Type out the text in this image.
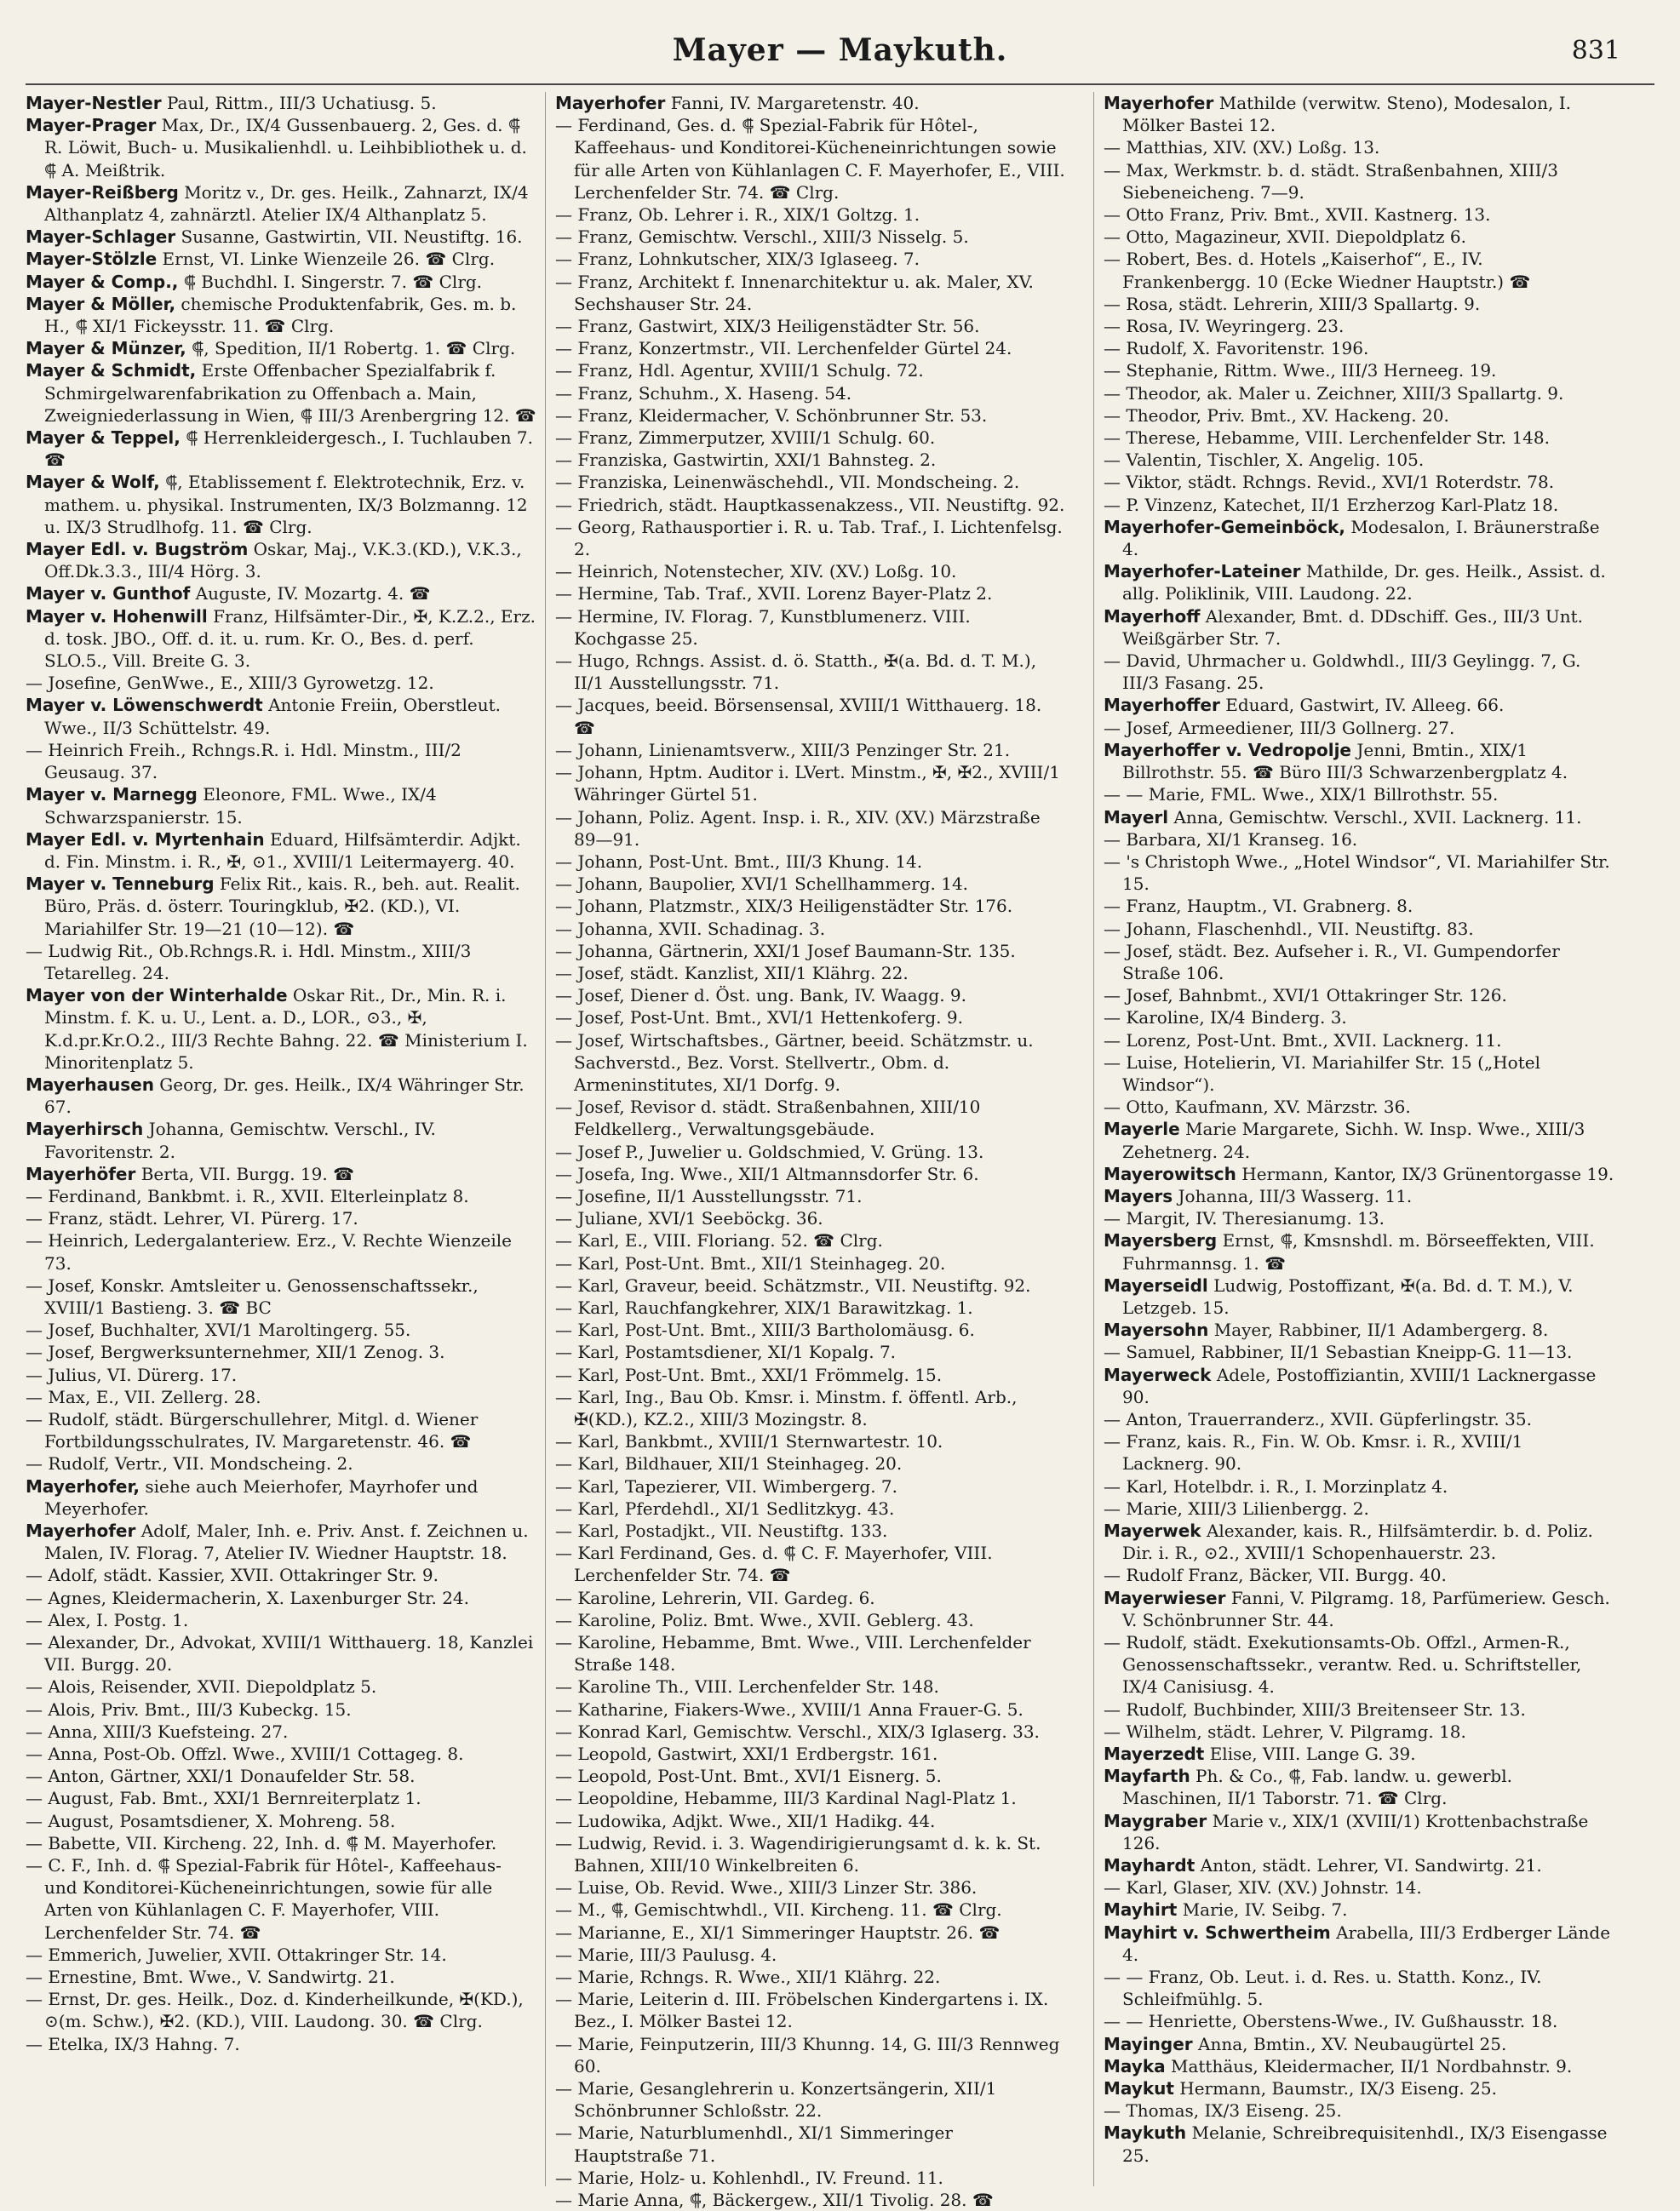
Mayer — Maykuth.	831

Mayer-Nestler Paul, Rittm., III/3 Uchatiusg. 5.

Mayer-Prager Max, Dr., IX/4 Gussenbauerg. 2, Ges. d. ⸿ R. Löwit, Buch- u. Musikalienhdl. u. Leihbibliothek u. d. ⸿ A. Meißtrik.

Mayer-Reißberg Moritz v., Dr. ges. Heilk., Zahnarzt, IX/4 Althanplatz 4, zahnärztl. Atelier IX/4 Althanplatz 5.

Mayer-Schlager Susanne, Gastwirtin, VII. Neustiftg. 16.

Mayer-Stölzle Ernst, VI. Linke Wienzeile 26. ☎ Clrg.

Mayer & Comp., ⸿ Buchdhl. I. Singerstr. 7. ☎ Clrg.

Mayer & Möller, chemische Produktenfabrik, Ges. m. b. H., ⸿ XI/1 Fickeysstr. 11. ☎ Clrg.

Mayer & Münzer, ⸿, Spedition, II/1 Robertg. 1. ☎ Clrg.

Mayer & Schmidt, Erste Offenbacher Spezialfabrik f. Schmirgelwarenfabrikation zu Offenbach a. Main, Zweigniederlassung in Wien, ⸿ III/3 Arenbergring 12. ☎

Mayer & Teppel, ⸿ Herrenkleidergesch., I. Tuchlauben 7. ☎

Mayer & Wolf, ⸿, Etablissement f. Elektrotechnik, Erz. v. mathem. u. physikal. Instrumenten, IX/3 Bolzmanng. 12 u. IX/3 Strudlhofg. 11. ☎ Clrg.

Mayer Edl. v. Bugström Oskar, Maj., V.K.3.(KD.), V.K.3., Off.Dk.3.3., III/4 Hörg. 3.

Mayer v. Gunthof Auguste, IV. Mozartg. 4. ☎

Mayer v. Hohenwill Franz, Hilfsämter-Dir., ✠, K.Z.2., Erz. d. tosk. JBO., Off. d. it. u. rum. Kr. O., Bes. d. perf. SLO.5., Vill. Breite G. 3.

— Josefine, GenWwe., E., XIII/3 Gyrowetzg. 12.

Mayer v. Löwenschwerdt Antonie Freiin, Oberstleut. Wwe., II/3 Schüttelstr. 49.

— Heinrich Freih., Rchngs.R. i. Hdl. Minstm., III/2 Geusaug. 37.

Mayer v. Marnegg Eleonore, FML. Wwe., IX/4 Schwarzspanierstr. 15.

Mayer Edl. v. Myrtenhain Eduard, Hilfsämterdir. Adjkt. d. Fin. Minstm. i. R., ✠, ⊙1., XVIII/1 Leitermayerg. 40.

Mayer v. Tenneburg Felix Rit., kais. R., beh. aut. Realit. Büro, Präs. d. österr. Touringklub, ✠2. (KD.), VI. Mariahilfer Str. 19—21 (10—12). ☎

— Ludwig Rit., Ob.Rchngs.R. i. Hdl. Minstm., XIII/3 Tetarelleg. 24.

Mayer von der Winterhalde Oskar Rit., Dr., Min. R. i. Minstm. f. K. u. U., Lent. a. D., LOR., ⊙3., ✠, K.d.pr.Kr.O.2., III/3 Rechte Bahng. 22. ☎ Ministerium I. Minoritenplatz 5.

Mayerhausen Georg, Dr. ges. Heilk., IX/4 Währinger Str. 67.

Mayerhirsch Johanna, Gemischtw. Verschl., IV. Favoritenstr. 2.

Mayerhöfer Berta, VII. Burgg. 19. ☎

— Ferdinand, Bankbmt. i. R., XVII. Elterleinplatz 8.

— Franz, städt. Lehrer, VI. Pürerg. 17.

— Heinrich, Ledergalanteriew. Erz., V. Rechte Wienzeile 73.

— Josef, Konskr. Amtsleiter u. Genossenschaftssekr., XVIII/1 Bastieng. 3. ☎ BC

— Josef, Buchhalter, XVI/1 Maroltingerg. 55.

— Josef, Bergwerksunternehmer, XII/1 Zenog. 3.

— Julius, VI. Dürerg. 17.

— Max, E., VII. Zellerg. 28.

— Rudolf, städt. Bürgerschullehrer, Mitgl. d. Wiener Fortbildungsschulrates, IV. Margaretenstr. 46. ☎

— Rudolf, Vertr., VII. Mondscheing. 2.

Mayerhofer, siehe auch Meierhofer, Mayrhofer und Meyerhofer.

Mayerhofer Adolf, Maler, Inh. e. Priv. Anst. f. Zeichnen u. Malen, IV. Florag. 7, Atelier IV. Wiedner Hauptstr. 18.

— Adolf, städt. Kassier, XVII. Ottakringer Str. 9.

— Agnes, Kleidermacherin, X. Laxenburger Str. 24.

— Alex, I. Postg. 1.

— Alexander, Dr., Advokat, XVIII/1 Witthauerg. 18, Kanzlei VII. Burgg. 20.

— Alois, Reisender, XVII. Diepoldplatz 5.

— Alois, Priv. Bmt., III/3 Kubeckg. 15.

— Anna, XIII/3 Kuefsteing. 27.

— Anna, Post-Ob. Offzl. Wwe., XVIII/1 Cottageg. 8.

— Anton, Gärtner, XXI/1 Donaufelder Str. 58.

— August, Fab. Bmt., XXI/1 Bernreiterplatz 1.

— August, Posamtsdiener, X. Mohreng. 58.

— Babette, VII. Kircheng. 22, Inh. d. ⸿ M. Mayerhofer.

— C. F., Inh. d. ⸿ Spezial-Fabrik für Hôtel-, Kaffeehaus- und Konditorei-Kücheneinrichtungen, sowie für alle Arten von Kühlanlagen C. F. Mayerhofer, VIII. Lerchenfelder Str. 74. ☎

— Emmerich, Juwelier, XVII. Ottakringer Str. 14.

— Ernestine, Bmt. Wwe., V. Sandwirtg. 21.

— Ernst, Dr. ges. Heilk., Doz. d. Kinderheilkunde, ✠(KD.), ⊙(m. Schw.), ✠2. (KD.), VIII. Laudong. 30. ☎ Clrg.

— Etelka, IX/3 Hahng. 7.

Mayerhofer Fanni, IV. Margaretenstr. 40.

— Ferdinand, Ges. d. ⸿ Spezial-Fabrik für Hôtel-, Kaffeehaus- und Konditorei-Kücheneinrichtungen sowie für alle Arten von Kühlanlagen C. F. Mayerhofer, E., VIII. Lerchenfelder Str. 74. ☎ Clrg.

— Franz, Ob. Lehrer i. R., XIX/1 Goltzg. 1.

— Franz, Gemischtw. Verschl., XIII/3 Nisselg. 5.

— Franz, Lohnkutscher, XIX/3 Iglaseeg. 7.

— Franz, Architekt f. Innenarchitektur u. ak. Maler, XV. Sechshauser Str. 24.

— Franz, Gastwirt, XIX/3 Heiligenstädter Str. 56.

— Franz, Konzertmstr., VII. Lerchenfelder Gürtel 24.

— Franz, Hdl. Agentur, XVIII/1 Schulg. 72.

— Franz, Schuhm., X. Haseng. 54.

— Franz, Kleidermacher, V. Schönbrunner Str. 53.

— Franz, Zimmerputzer, XVIII/1 Schulg. 60.

— Franziska, Gastwirtin, XXI/1 Bahnsteg. 2.

— Franziska, Leinenwäschehdl., VII. Mondscheing. 2.

— Friedrich, städt. Hauptkassenakzess., VII. Neustiftg. 92.

— Georg, Rathausportier i. R. u. Tab. Traf., I. Lichtenfelsg. 2.

— Heinrich, Notenstecher, XIV. (XV.) Loßg. 10.

— Hermine, Tab. Traf., XVII. Lorenz Bayer-Platz 2.

— Hermine, IV. Florag. 7, Kunstblumenerz. VIII. Kochgasse 25.

— Hugo, Rchngs. Assist. d. ö. Statth., ✠(a. Bd. d. T. M.), II/1 Ausstellungsstr. 71.

— Jacques, beeid. Börsensensal, XVIII/1 Witthauerg. 18. ☎

— Johann, Linienamtsverw., XIII/3 Penzinger Str. 21.

— Johann, Hptm. Auditor i. LVert. Minstm., ✠, ✠2., XVIII/1 Währinger Gürtel 51.

— Johann, Poliz. Agent. Insp. i. R., XIV. (XV.) Märzstraße 89—91.

— Johann, Post-Unt. Bmt., III/3 Khung. 14.

— Johann, Baupolier, XVI/1 Schellhammerg. 14.

— Johann, Platzmstr., XIX/3 Heiligenstädter Str. 176.

— Johanna, XVII. Schadinag. 3.

— Johanna, Gärtnerin, XXI/1 Josef Baumann-Str. 135.

— Josef, städt. Kanzlist, XII/1 Klährg. 22.

— Josef, Diener d. Öst. ung. Bank, IV. Waagg. 9.

— Josef, Post-Unt. Bmt., XVI/1 Hettenkoferg. 9.

— Josef, Wirtschaftsbes., Gärtner, beeid. Schätzmstr. u. Sachverstd., Bez. Vorst. Stellvertr., Obm. d. Armeninstitutes, XI/1 Dorfg. 9.

— Josef, Revisor d. städt. Straßenbahnen, XIII/10 Feldkellerg., Verwaltungsgebäude.

— Josef P., Juwelier u. Goldschmied, V. Grüng. 13.

— Josefa, Ing. Wwe., XII/1 Altmannsdorfer Str. 6.

— Josefine, II/1 Ausstellungsstr. 71.

— Juliane, XVI/1 Seeböckg. 36.

— Karl, E., VIII. Floriang. 52. ☎ Clrg.

— Karl, Post-Unt. Bmt., XII/1 Steinhageg. 20.

— Karl, Graveur, beeid. Schätzmstr., VII. Neustiftg. 92.

— Karl, Rauchfangkehrer, XIX/1 Barawitzkag. 1.

— Karl, Post-Unt. Bmt., XIII/3 Bartholomäusg. 6.

— Karl, Postamtsdiener, XI/1 Kopalg. 7.

— Karl, Post-Unt. Bmt., XXI/1 Frömmelg. 15.

— Karl, Ing., Bau Ob. Kmsr. i. Minstm. f. öffentl. Arb., ✠(KD.), KZ.2., XIII/3 Mozingstr. 8.

— Karl, Bankbmt., XVIII/1 Sternwartestr. 10.

— Karl, Bildhauer, XII/1 Steinhageg. 20.

— Karl, Tapezierer, VII. Wimbergerg. 7.

— Karl, Pferdehdl., XI/1 Sedlitzkyg. 43.

— Karl, Postadjkt., VII. Neustiftg. 133.

— Karl Ferdinand, Ges. d. ⸿ C. F. Mayerhofer, VIII. Lerchenfelder Str. 74. ☎

— Karoline, Lehrerin, VII. Gardeg. 6.

— Karoline, Poliz. Bmt. Wwe., XVII. Geblerg. 43.

— Karoline, Hebamme, Bmt. Wwe., VIII. Lerchenfelder Straße 148.

— Karoline Th., VIII. Lerchenfelder Str. 148.

— Katharine, Fiakers-Wwe., XVIII/1 Anna Frauer-G. 5.

— Konrad Karl, Gemischtw. Verschl., XIX/3 Iglaserg. 33.

— Leopold, Gastwirt, XXI/1 Erdbergstr. 161.

— Leopold, Post-Unt. Bmt., XVI/1 Eisnerg. 5.

— Leopoldine, Hebamme, III/3 Kardinal Nagl-Platz 1.

— Ludowika, Adjkt. Wwe., XII/1 Hadikg. 44.

— Ludwig, Revid. i. 3. Wagendirigierungsamt d. k. k. St. Bahnen, XIII/10 Winkelbreiten 6.

— Luise, Ob. Revid. Wwe., XIII/3 Linzer Str. 386.

— M., ⸿, Gemischtwhdl., VII. Kircheng. 11. ☎ Clrg.

— Marianne, E., XI/1 Simmeringer Hauptstr. 26. ☎

— Marie, III/3 Paulusg. 4.

— Marie, Rchngs. R. Wwe., XII/1 Klährg. 22.

— Marie, Leiterin d. III. Fröbelschen Kindergartens i. IX. Bez., I. Mölker Bastei 12.

— Marie, Feinputzerin, III/3 Khunng. 14, G. III/3 Rennweg 60.

— Marie, Gesanglehrerin u. Konzertsängerin, XII/1 Schönbrunner Schloßstr. 22.

— Marie, Naturblumenhdl., XI/1 Simmeringer Hauptstraße 71.

— Marie, Holz- u. Kohlenhdl., IV. Freund. 11.

— Marie Anna, ⸿, Bäckergew., XII/1 Tivolig. 28. ☎

Mayerhofer Mathilde (verwitw. Steno), Modesalon, I. Mölker Bastei 12.

— Matthias, XIV. (XV.) Loßg. 13.

— Max, Werkmstr. b. d. städt. Straßenbahnen, XIII/3 Siebeneicheng. 7—9.

— Otto Franz, Priv. Bmt., XVII. Kastnerg. 13.

— Otto, Magazineur, XVII. Diepoldplatz 6.

— Robert, Bes. d. Hotels „Kaiserhof“, E., IV. Frankenbergg. 10 (Ecke Wiedner Hauptstr.) ☎

— Rosa, städt. Lehrerin, XIII/3 Spallartg. 9.

— Rosa, IV. Weyringerg. 23.

— Rudolf, X. Favoritenstr. 196.

— Stephanie, Rittm. Wwe., III/3 Herneeg. 19.

— Theodor, ak. Maler u. Zeichner, XIII/3 Spallartg. 9.

— Theodor, Priv. Bmt., XV. Hackeng. 20.

— Therese, Hebamme, VIII. Lerchenfelder Str. 148.

— Valentin, Tischler, X. Angelig. 105.

— Viktor, städt. Rchngs. Revid., XVI/1 Roterdstr. 78.

— P. Vinzenz, Katechet, II/1 Erzherzog Karl-Platz 18.

Mayerhofer-Gemeinböck, Modesalon, I. Bräunerstraße 4.

Mayerhofer-Lateiner Mathilde, Dr. ges. Heilk., Assist. d. allg. Poliklinik, VIII. Laudong. 22.

Mayerhoff Alexander, Bmt. d. DDschiff. Ges., III/3 Unt. Weißgärber Str. 7.

— David, Uhrmacher u. Goldwhdl., III/3 Geylingg. 7, G. III/3 Fasang. 25.

Mayerhoffer Eduard, Gastwirt, IV. Alleeg. 66.

— Josef, Armeediener, III/3 Gollnerg. 27.

Mayerhoffer v. Vedropolje Jenni, Bmtin., XIX/1 Billrothstr. 55. ☎ Büro III/3 Schwarzenbergplatz 4.

— — Marie, FML. Wwe., XIX/1 Billrothstr. 55.

Mayerl Anna, Gemischtw. Verschl., XVII. Lacknerg. 11.

— Barbara, XI/1 Kranseg. 16.

— 's Christoph Wwe., „Hotel Windsor“, VI. Mariahilfer Str. 15.

— Franz, Hauptm., VI. Grabnerg. 8.

— Johann, Flaschenhdl., VII. Neustiftg. 83.

— Josef, städt. Bez. Aufseher i. R., VI. Gumpendorfer Straße 106.

— Josef, Bahnbmt., XVI/1 Ottakringer Str. 126.

— Karoline, IX/4 Binderg. 3.

— Lorenz, Post-Unt. Bmt., XVII. Lacknerg. 11.

— Luise, Hotelierin, VI. Mariahilfer Str. 15 („Hotel Windsor“).

— Otto, Kaufmann, XV. Märzstr. 36.

Mayerle Marie Margarete, Sichh. W. Insp. Wwe., XIII/3 Zehetnerg. 24.

Mayerowitsch Hermann, Kantor, IX/3 Grünentorgasse 19.

Mayers Johanna, III/3 Wasserg. 11.

— Margit, IV. Theresianumg. 13.

Mayersberg Ernst, ⸿, Kmsnshdl. m. Börseeffekten, VIII. Fuhrmannsg. 1. ☎

Mayerseidl Ludwig, Postoffizant, ✠(a. Bd. d. T. M.), V. Letzgeb. 15.

Mayersohn Mayer, Rabbiner, II/1 Adambergerg. 8.

— Samuel, Rabbiner, II/1 Sebastian Kneipp-G. 11—13.

Mayerweck Adele, Postoffiziantin, XVIII/1 Lacknergasse 90.

— Anton, Trauerranderz., XVII. Güpferlingstr. 35.

— Franz, kais. R., Fin. W. Ob. Kmsr. i. R., XVIII/1 Lacknerg. 90.

— Karl, Hotelbdr. i. R., I. Morzinplatz 4.

— Marie, XIII/3 Lilienbergg. 2.

Mayerwek Alexander, kais. R., Hilfsämterdir. b. d. Poliz. Dir. i. R., ⊙2., XVIII/1 Schopenhauerstr. 23.

— Rudolf Franz, Bäcker, VII. Burgg. 40.

Mayerwieser Fanni, V. Pilgramg. 18, Parfümeriew. Gesch. V. Schönbrunner Str. 44.

— Rudolf, städt. Exekutionsamts-Ob. Offzl., Armen-R., Genossenschaftssekr., verantw. Red. u. Schriftsteller, IX/4 Canisiusg. 4.

— Rudolf, Buchbinder, XIII/3 Breitenseer Str. 13.

— Wilhelm, städt. Lehrer, V. Pilgramg. 18.

Mayerzedt Elise, VIII. Lange G. 39.

Mayfarth Ph. & Co., ⸿, Fab. landw. u. gewerbl. Maschinen, II/1 Taborstr. 71. ☎ Clrg.

Maygraber Marie v., XIX/1 (XVIII/1) Krottenbachstraße 126.

Mayhardt Anton, städt. Lehrer, VI. Sandwirtg. 21.

— Karl, Glaser, XIV. (XV.) Johnstr. 14.

Mayhirt Marie, IV. Seibg. 7.

Mayhirt v. Schwertheim Arabella, III/3 Erdberger Lände 4.

— — Franz, Ob. Leut. i. d. Res. u. Statth. Konz., IV. Schleifmühlg. 5.

— — Henriette, Oberstens-Wwe., IV. Gußhausstr. 18.

Mayinger Anna, Bmtin., XV. Neubaugürtel 25.

Mayka Matthäus, Kleidermacher, II/1 Nordbahnstr. 9.

Maykut Hermann, Baumstr., IX/3 Eiseng. 25.

— Thomas, IX/3 Eiseng. 25.

Maykuth Melanie, Schreibrequisitenhdl., IX/3 Eisengasse 25.
